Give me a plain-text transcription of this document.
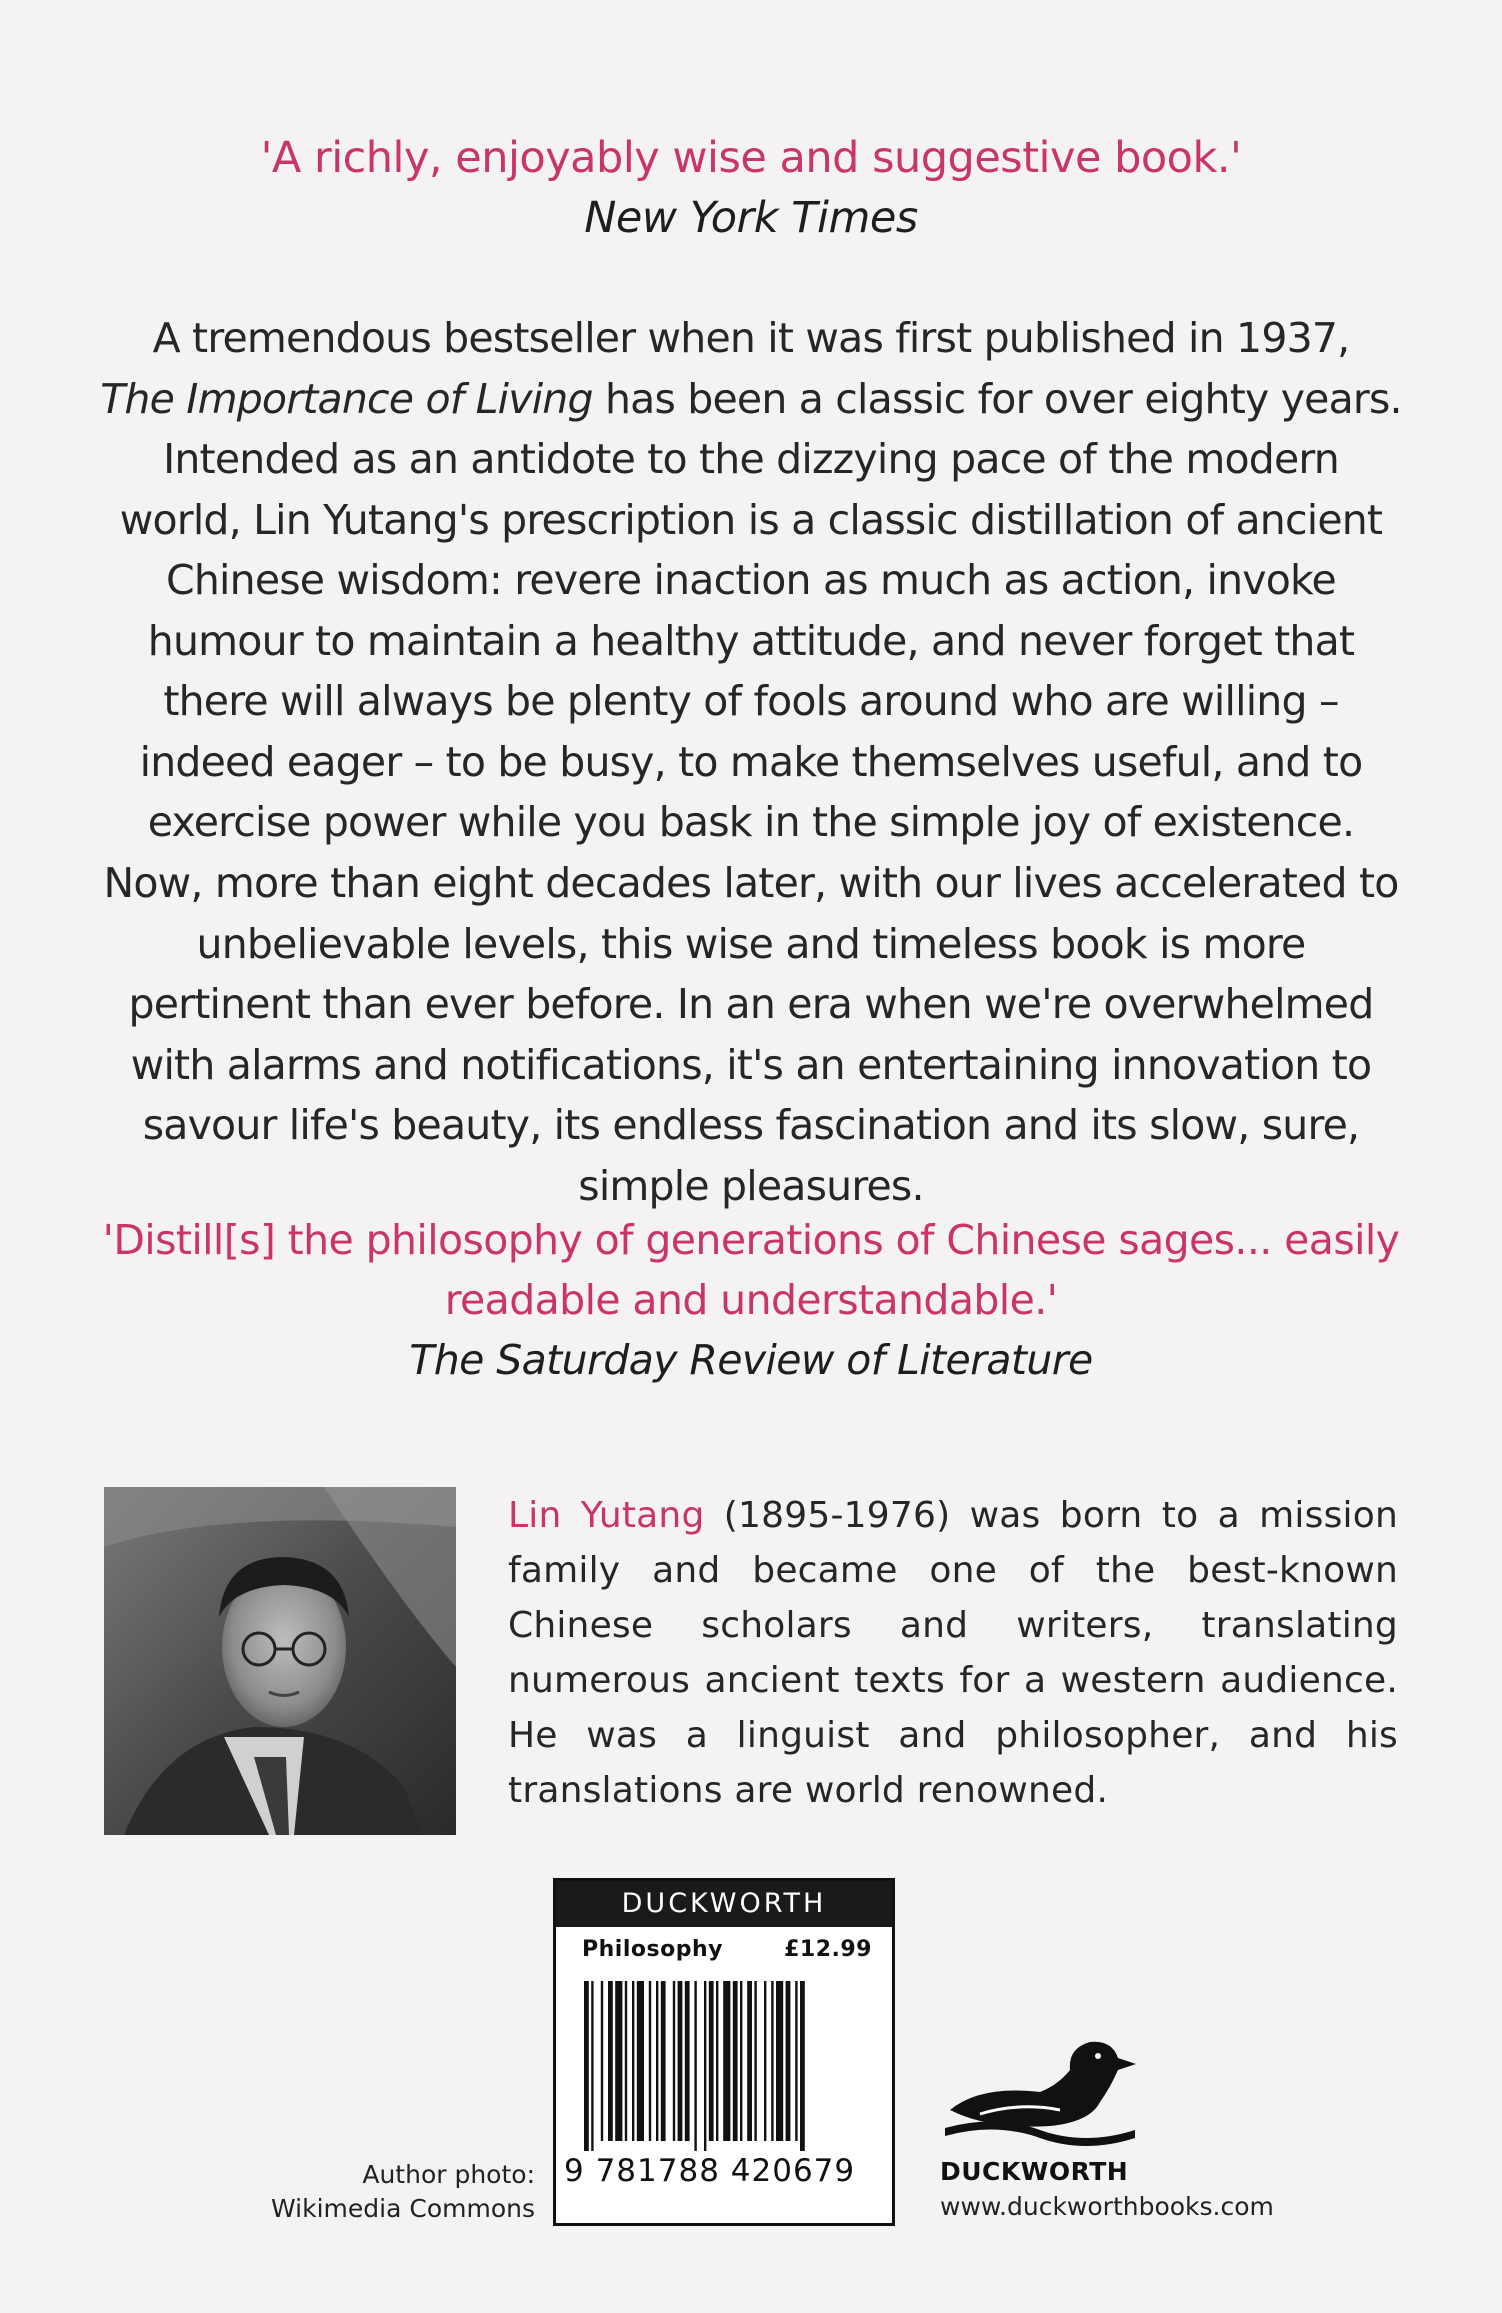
'A richly, enjoyably wise and suggestive book.'
New York Times
A tremendous bestseller when it was first published in 1937,
The Importance of Living has been a classic for over eighty years.
Intended as an antidote to the dizzying pace of the modern world, Lin Yutang's prescription is a classic distillation of ancient Chinese wisdom: revere inaction as much as action, invoke humour to maintain a healthy attitude, and never forget that there will always be plenty of fools around who are willing – indeed eager – to be busy, to make themselves useful, and to exercise power while you bask in the simple joy of existence.
Now, more than eight decades later, with our lives accelerated to unbelievable levels, this wise and timeless book is more pertinent than ever before. In an era when we're overwhelmed with alarms and notifications, it's an entertaining innovation to savour life's beauty, its endless fascination and its slow, sure, simple pleasures.
'Distill[s] the philosophy of generations of Chinese sages... easily readable and understandable.'
The Saturday Review of Literature
Lin Yutang (1895-1976) was born to a mission family and became one of the best-known Chinese scholars and writers, translating numerous ancient texts for a western audience. He was a linguist and philosopher, and his translations are world renowned.
Author photo:
Wikimedia Commons
DUCKWORTH
Philosophy	£12.99
9 781788 420679	DUCKWORTH
www.duckworthbooks.com
